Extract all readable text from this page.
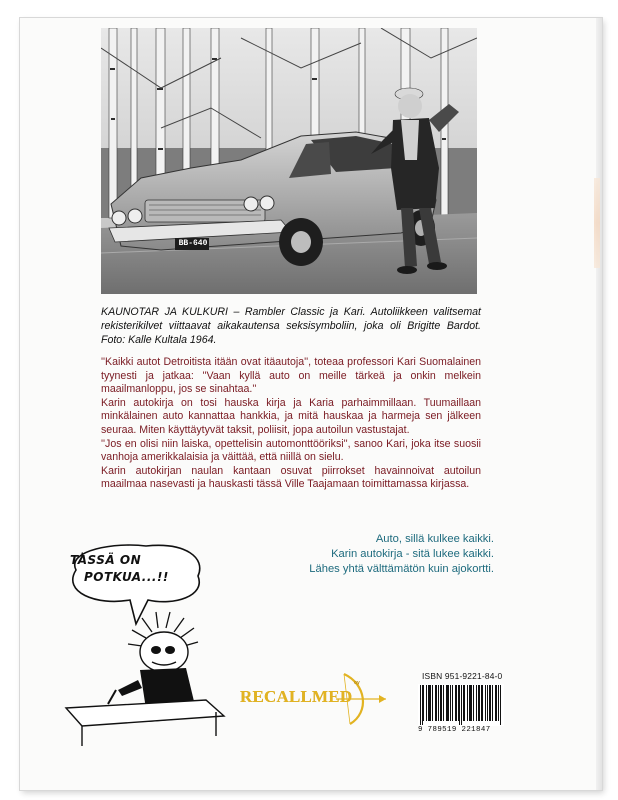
BB-640
KAUNOTAR JA KULKURI – Rambler Classic ja Kari. Autoliikkeen valitsemat rekisterikilvet viittaavat aikakautensa seksisymboliin, joka oli Brigitte Bardot. Foto: Kalle Kultala 1964.

''Kaikki autot Detroitista itään ovat itäautoja'', toteaa professori Kari Suomalainen tyynesti ja jatkaa: ''Vaan kyllä auto on meille tärkeä ja onkin melkein maailmanloppu, jos se sinahtaa.''

Karin autokirja on tosi hauska kirja ja Karia parhaimmillaan. Tuumaillaan minkälainen auto kannattaa hankkia, ja mitä hauskaa ja harmeja sen jälkeen seuraa. Miten käyttäytyvät taksit, poliisit, jopa autoilun vastustajat.

''Jos en olisi niin laiska, opettelisin automonttööriksi'', sanoo Kari, joka itse suosii vanhoja amerikkalaisia ja väittää, että niillä on sielu.

Karin autokirjan naulan kantaan osuvat piirrokset havainnoivat autoilun maailmaa nasevasti ja hauskasti tässä Ville Taajamaan toimittamassa kirjassa.

Auto, sillä kulkee kaikki.
Karin autokirja - sitä lukee kaikki.
Lähes yhtä välttämätön kuin ajokortti.
TÄSSÄ ON
POTKUA...!!
RECALLMED
oy
ISBN 951-9221-84-0
9 789519 221847
